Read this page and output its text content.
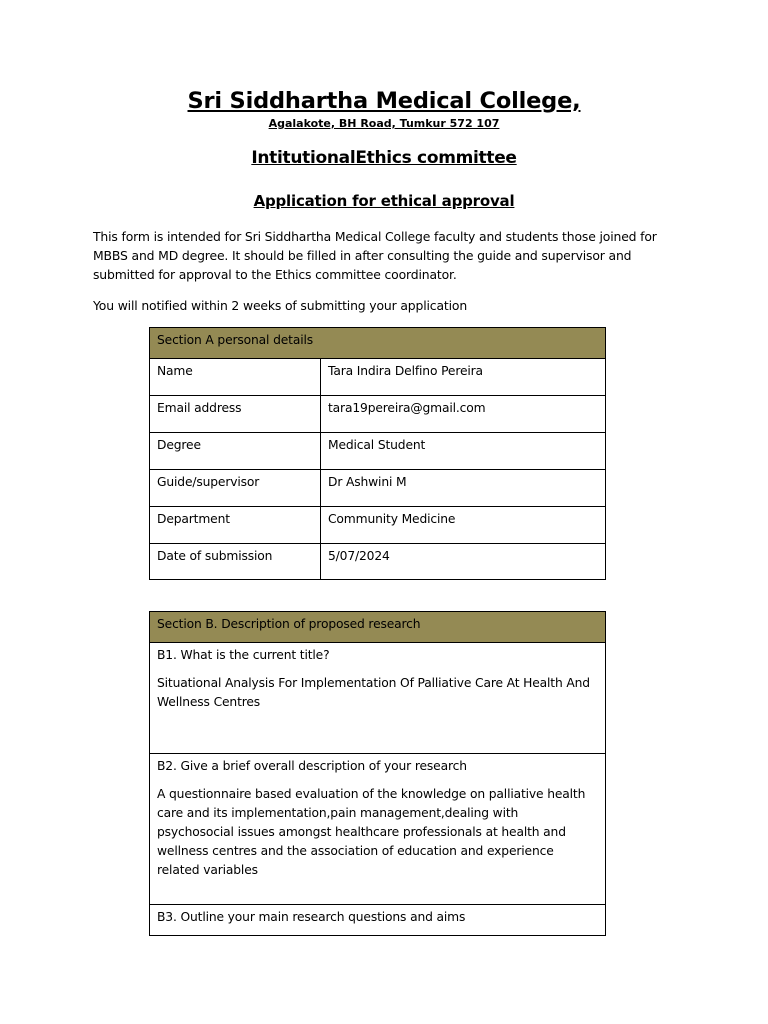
Sri Siddhartha Medical College,
Agalakote, BH Road, Tumkur 572 107
IntitutionalEthics committee
Application for ethical approval

This form is intended for Sri Siddhartha Medical College faculty and students those joined for MBBS and MD degree. It should be filled in after consulting the guide and supervisor and submitted for approval to the Ethics committee coordinator.

You will notified within 2 weeks of submitting your application

Section A personal details	
Name	Tara Indira Delfino Pereira
Email address	tara19pereira@gmail.com
Degree	Medical Student
Guide/supervisor	Dr Ashwini M
Department	Community Medicine
Date of submission	5/07/2024
Section B. Description of proposed research

B1. What is the current title?
Situational Analysis For Implementation Of Palliative Care At Health And Wellness Centres

B2. Give a brief overall description of your research
A questionnaire based evaluation of the knowledge on palliative health care and its implementation,pain management,dealing with psychosocial issues amongst healthcare professionals at health and wellness centres and the association of education and experience related variables

B3. Outline your main research questions and aims
